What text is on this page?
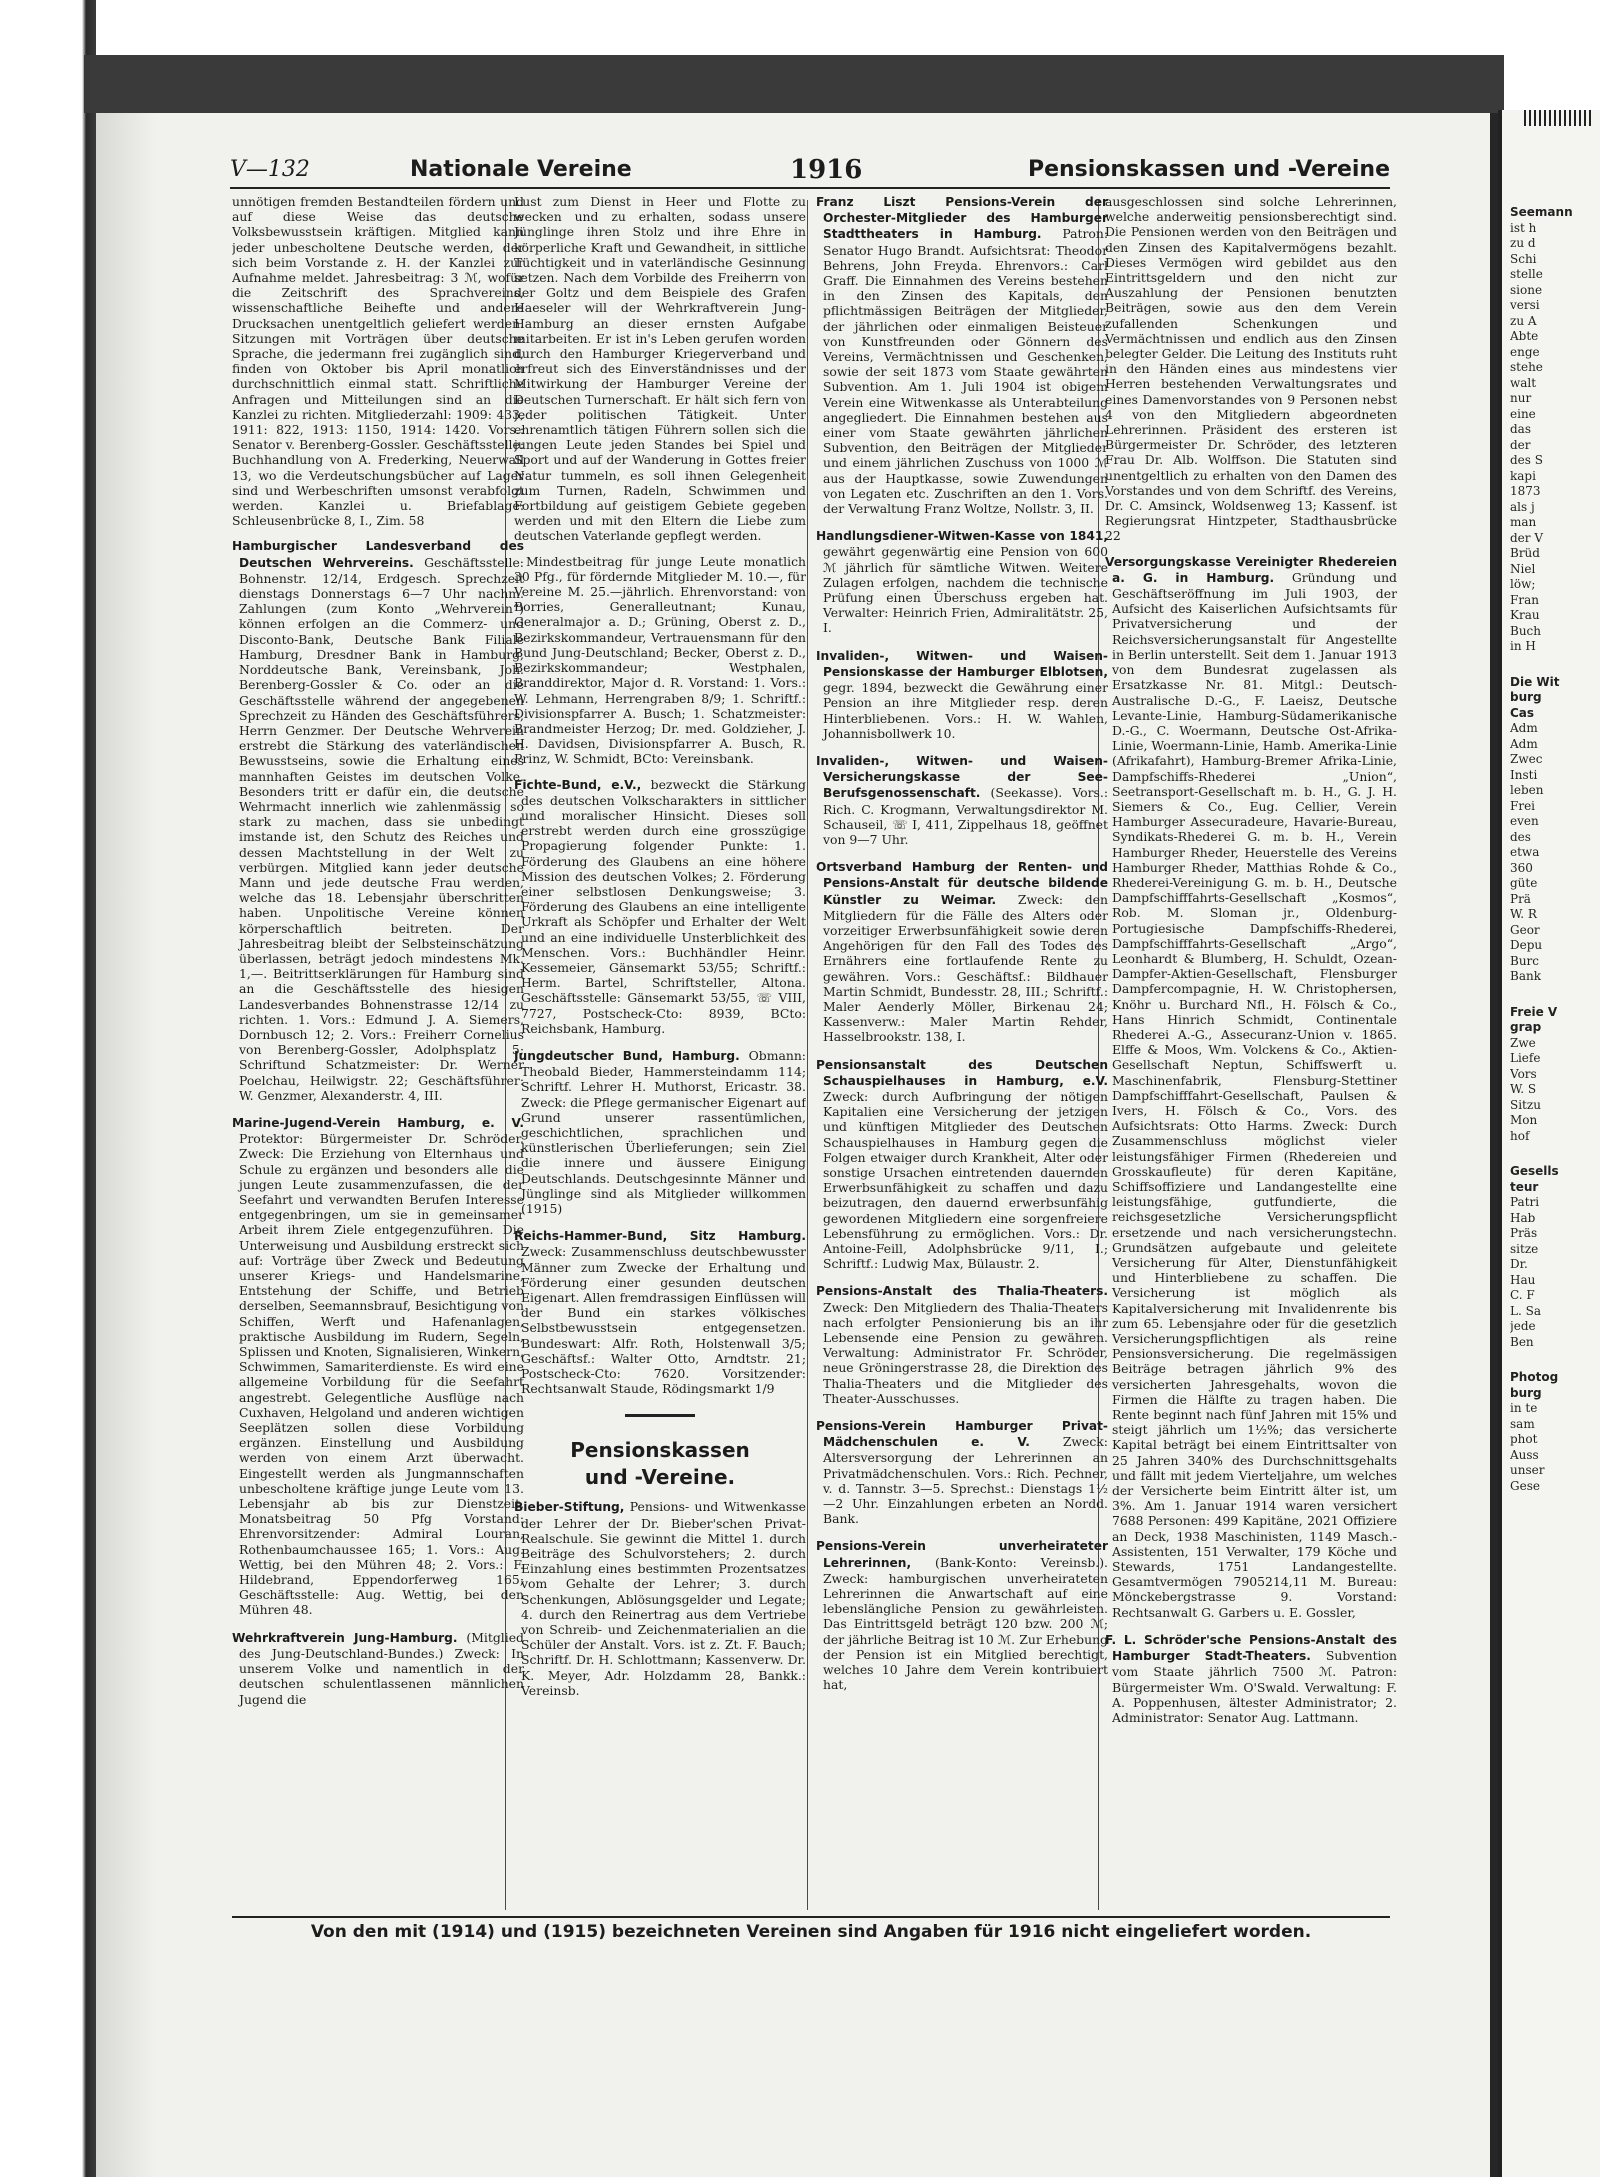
Seemann
ist h
zu d
Schi
stelle
sione
versi
zu A
Abte
enge
stehe
walt
nur
eine
das
der
des S
kapi
1873
als j
man
der V
Brüd
Niel
löw;
Fran
Krau
Buch
in H
Die Wit
burg
Cas
Adm
Adm
Zwec
Insti
leben
Frei
even
des
etwa
360
güte
Prä
W. R
Geor
Depu
Burc
Bank
Freie V
grap
Zwe
Liefe
Vors
W. S
Sitzu
Mon
hof
Gesells
teur
Patri
Hab
Präs
sitze
Dr.
Hau
C. F
L. Sa
jede
Ben
Photog
burg
in te
sam
phot
Auss
unser
Gese
V—132	Nationale Vereine	1916	Pensionskassen und -Vereine

unnötigen fremden Bestandteilen fördern und auf diese Weise das deutsche Volksbewusstsein kräftigen. Mitglied kann jeder unbescholtene Deutsche werden, der sich beim Vorstande z. H. der Kanzlei zur Aufnahme meldet. Jahresbeitrag: 3 ℳ, wofür die Zeitschrift des Sprachvereins, wissenschaftliche Beihefte und andere Drucksachen unentgeltlich geliefert werden. Sitzungen mit Vorträgen über deutsche Sprache, die jedermann frei zugänglich sind, finden von Oktober bis April monatlich durchschnittlich einmal statt. Schriftliche Anfragen und Mitteilungen sind an die Kanzlei zu richten. Mitgliederzahl: 1909: 433, 1911: 822, 1913: 1150, 1914: 1420. Vors.: Senator v. Berenberg-Gossler. Geschäftsstelle: Buchhandlung von A. Frederking, Neuerwall 13, wo die Verdeutschungsbücher auf Lager sind und Werbeschriften umsonst verabfolgt werden. Kanzlei u. Briefablage: Schleusenbrücke 8, I., Zim. 58

Hamburgischer Landesverband des Deutschen Wehrvereins. Geschäftsstelle: Bohnenstr. 12/14, Erdgesch. Sprechzeit dienstags Donnerstags 6—7 Uhr nachm. Zahlungen (zum Konto „Wehrverein“) können erfolgen an die Commerz- und Disconto-Bank, Deutsche Bank Filiale Hamburg, Dresdner Bank in Hamburg, Norddeutsche Bank, Vereinsbank, Joh. Berenberg-Gossler & Co. oder an die Geschäftsstelle während der angegebenen Sprechzeit zu Händen des Geschäftsführers, Herrn Genzmer. Der Deutsche Wehrverein erstrebt die Stärkung des vaterländischen Bewusstseins, sowie die Erhaltung eines mannhaften Geistes im deutschen Volke. Besonders tritt er dafür ein, die deutsche Wehrmacht innerlich wie zahlenmässig so stark zu machen, dass sie unbedingt imstande ist, den Schutz des Reiches und dessen Machtstellung in der Welt zu verbürgen. Mitglied kann jeder deutsche Mann und jede deutsche Frau werden, welche das 18. Lebensjahr überschritten haben. Unpolitische Vereine können körperschaftlich beitreten. Der Jahresbeitrag bleibt der Selbsteinschätzung überlassen, beträgt jedoch mindestens Mk. 1,—. Beitrittserklärungen für Hamburg sind an die Geschäftsstelle des hiesigen Landesverbandes Bohnenstrasse 12/14 zu richten. 1. Vors.: Edmund J. A. Siemers, Dornbusch 12; 2. Vors.: Freiherr Cornelius von Berenberg-Gossler, Adolphsplatz 5; Schriftund Schatzmeister: Dr. Werner Poelchau, Heilwigstr. 22; Geschäftsführer: W. Genzmer, Alexanderstr. 4, III.
Marine-Jugend-Verein Hamburg, e. V. Protektor: Bürgermeister Dr. Schröder. Zweck: Die Erziehung von Elternhaus und Schule zu ergänzen und besonders alle die jungen Leute zusammenzufassen, die der Seefahrt und verwandten Berufen Interesse entgegenbringen, um sie in gemeinsamer Arbeit ihrem Ziele entgegenzuführen. Die Unterweisung und Ausbildung erstreckt sich auf: Vorträge über Zweck und Bedeutung unserer Kriegs- und Handelsmarine, Entstehung der Schiffe, und Betrieb derselben, Seemannsbrauf, Besichtigung von Schiffen, Werft und Hafenanlagen, praktische Ausbildung im Rudern, Segeln, Splissen und Knoten, Signalisieren, Winkern, Schwimmen, Samariterdienste. Es wird eine allgemeine Vorbildung für die Seefahrt angestrebt. Gelegentliche Ausflüge nach Cuxhaven, Helgoland und anderen wichtigen Seeplätzen sollen diese Vorbildung ergänzen. Einstellung und Ausbildung werden von einem Arzt überwacht. Eingestellt werden als Jungmannschaften unbescholtene kräftige junge Leute vom 13. Lebensjahr ab bis zur Dienstzeit. Monatsbeitrag 50 Pfg Vorstand: Ehrenvorsitzender: Admiral Louran, Rothenbaumchaussee 165; 1. Vors.: Aug. Wettig, bei den Mühren 48; 2. Vors.: F. Hildebrand, Eppendorferweg 165; Geschäftsstelle: Aug. Wettig, bei den Mühren 48.
Wehrkraftverein Jung-Hamburg. (Mitglied des Jung-Deutschland-Bundes.) Zweck: In unserem Volke und namentlich in der deutschen schulentlassenen männlichen Jugend die

Lust zum Dienst in Heer und Flotte zu wecken und zu erhalten, sodass unsere Jünglinge ihren Stolz und ihre Ehre in körperliche Kraft und Gewandheit, in sittliche Tüchtigkeit und in vaterländische Gesinnung setzen. Nach dem Vorbilde des Freiherrn von der Goltz und dem Beispiele des Grafen Haeseler will der Wehrkraftverein Jung-Hamburg an dieser ernsten Aufgabe mitarbeiten. Er ist in's Leben gerufen worden durch den Hamburger Kriegerverband und erfreut sich des Einverständnisses und der Mitwirkung der Hamburger Vereine der Deutschen Turnerschaft. Er hält sich fern von jeder politischen Tätigkeit. Unter ehrenamtlich tätigen Führern sollen sich die jungen Leute jeden Standes bei Spiel und Sport und auf der Wanderung in Gottes freier Natur tummeln, es soll ihnen Gelegenheit zum Turnen, Radeln, Schwimmen und Fortbildung auf geistigem Gebiete gegeben werden und mit den Eltern die Liebe zum deutschen Vaterlande gepflegt werden.

Mindestbeitrag für junge Leute monatlich 30 Pfg., für fördernde Mitglieder M. 10.—, für Vereine M. 25.—jährlich. Ehrenvorstand: von Borries, Generalleutnant; Kunau, Generalmajor a. D.; Grüning, Oberst z. D., Bezirkskommandeur, Vertrauensmann für den Bund Jung-Deutschland; Becker, Oberst z. D., Bezirkskommandeur; Westphalen, Branddirektor, Major d. R. Vorstand: 1. Vors.: W. Lehmann, Herrengraben 8/9; 1. Schriftf.: Divisionspfarrer A. Busch; 1. Schatzmeister: Brandmeister Herzog; Dr. med. Goldzieher, J. H. Davidsen, Divisionspfarrer A. Busch, R. Prinz, W. Schmidt, BCto: Vereinsbank.

Fichte-Bund, e.V., bezweckt die Stärkung des deutschen Volkscharakters in sittlicher und moralischer Hinsicht. Dieses soll erstrebt werden durch eine grosszügige Propagierung folgender Punkte: 1. Förderung des Glaubens an eine höhere Mission des deutschen Volkes; 2. Förderung einer selbstlosen Denkungsweise; 3. Förderung des Glaubens an eine intelligente Urkraft als Schöpfer und Erhalter der Welt und an eine individuelle Unsterblichkeit des Menschen. Vors.: Buchhändler Heinr. Kessemeier, Gänsemarkt 53/55; Schriftf.: Herm. Bartel, Schriftsteller, Altona. Geschäftsstelle: Gänsemarkt 53/55, ☏ VIII, 7727, Postscheck-Cto: 8939, BCto: Reichsbank, Hamburg.
Jungdeutscher Bund, Hamburg. Obmann: Theobald Bieder, Hammersteindamm 114; Schriftf. Lehrer H. Muthorst, Ericastr. 38. Zweck: die Pflege germanischer Eigenart auf Grund unserer rassentümlichen, geschichtlichen, sprachlichen und künstlerischen Überlieferungen; sein Ziel die innere und äussere Einigung Deutschlands. Deutschgesinnte Männer und Jünglinge sind als Mitglieder willkommen (1915)
Reichs-Hammer-Bund, Sitz Hamburg. Zweck: Zusammenschluss deutschbewusster Männer zum Zwecke der Erhaltung und Förderung einer gesunden deutschen Eigenart. Allen fremdrassigen Einflüssen will der Bund ein starkes völkisches Selbstbewusstsein entgegensetzen. Bundeswart: Alfr. Roth, Holstenwall 3/5; Geschäftsf.: Walter Otto, Arndtstr. 21; Postscheck-Cto: 7620. Vorsitzender: Rechtsanwalt Staude, Rödingsmarkt 1/9
Pensionskassen
und -Vereine.
Bieber-Stiftung, Pensions- und Witwenkasse der Lehrer der Dr. Bieber'schen Privat-Realschule. Sie gewinnt die Mittel 1. durch Beiträge des Schulvorstehers; 2. durch Einzahlung eines bestimmten Prozentsatzes vom Gehalte der Lehrer; 3. durch Schenkungen, Ablösungsgelder und Legate; 4. durch den Reinertrag aus dem Vertriebe von Schreib- und Zeichenmaterialien an die Schüler der Anstalt. Vors. ist z. Zt. F. Bauch; Schriftf. Dr. H. Schlottmann; Kassenverw. Dr. K. Meyer, Adr. Holzdamm 28, Bankk.: Vereinsb.
Franz Liszt Pensions-Verein der Orchester-Mitglieder des Hamburger Stadttheaters in Hamburg. Patron: Senator Hugo Brandt. Aufsichtsrat: Theodor Behrens, John Freyda. Ehrenvors.: Carl Graff. Die Einnahmen des Vereins bestehen in den Zinsen des Kapitals, den pflichtmässigen Beiträgen der Mitglieder, der jährlichen oder einmaligen Beisteuer von Kunstfreunden oder Gönnern des Vereins, Vermächtnissen und Geschenken, sowie der seit 1873 vom Staate gewährten Subvention. Am 1. Juli 1904 ist obigem Verein eine Witwenkasse als Unterabteilung angegliedert. Die Einnahmen bestehen aus einer vom Staate gewährten jährlichen Subvention, den Beiträgen der Mitglieder und einem jährlichen Zuschuss von 1000 ℳ aus der Hauptkasse, sowie Zuwendungen von Legaten etc. Zuschriften an den 1. Vors. der Verwaltung Franz Woltze, Nollstr. 3, II.
Handlungsdiener-Witwen-Kasse von 1841, gewährt gegenwärtig eine Pension von 600 ℳ jährlich für sämtliche Witwen. Weitere Zulagen erfolgen, nachdem die technische Prüfung einen Überschuss ergeben hat. Verwalter: Heinrich Frien, Admiralitätstr. 25, I.
Invaliden-, Witwen- und Waisen-Pensionskasse der Hamburger Elblotsen, gegr. 1894, bezweckt die Gewährung einer Pension an ihre Mitglieder resp. deren Hinterbliebenen. Vors.: H. W. Wahlen, Johannisbollwerk 10.
Invaliden-, Witwen- und Waisen-Versicherungskasse der See-Berufsgenossenschaft. (Seekasse). Vors.: Rich. C. Krogmann, Verwaltungsdirektor M. Schauseil, ☏ I, 411, Zippelhaus 18, geöffnet von 9—7 Uhr.
Ortsverband Hamburg der Renten- und Pensions-Anstalt für deutsche bildende Künstler zu Weimar. Zweck: den Mitgliedern für die Fälle des Alters oder vorzeitiger Erwerbsunfähigkeit sowie deren Angehörigen für den Fall des Todes des Ernährers eine fortlaufende Rente zu gewähren. Vors.: Geschäftsf.: Bildhauer Martin Schmidt, Bundesstr. 28, III.; Schriftf.: Maler Aenderly Möller, Birkenau 24; Kassenverw.: Maler Martin Rehder, Hasselbrookstr. 138, I.
Pensionsanstalt des Deutschen Schauspielhauses in Hamburg, e.V. Zweck: durch Aufbringung der nötigen Kapitalien eine Versicherung der jetzigen und künftigen Mitglieder des Deutschen Schauspielhauses in Hamburg gegen die Folgen etwaiger durch Krankheit, Alter oder sonstige Ursachen eintretenden dauernden Erwerbsunfähigkeit zu schaffen und dazu beizutragen, den dauernd erwerbsunfähig gewordenen Mitgliedern eine sorgenfreiere Lebensführung zu ermöglichen. Vors.: Dr. Antoine-Feill, Adolphsbrücke 9/11, I.; Schriftf.: Ludwig Max, Bülaustr. 2.
Pensions-Anstalt des Thalia-Theaters. Zweck: Den Mitgliedern des Thalia-Theaters nach erfolgter Pensionierung bis an ihr Lebensende eine Pension zu gewähren. Verwaltung: Administrator Fr. Schröder, neue Gröningerstrasse 28, die Direktion des Thalia-Theaters und die Mitglieder des Theater-Ausschusses.
Pensions-Verein Hamburger Privat-Mädchenschulen e. V.	Zweck: Altersversorgung der Lehrerinnen an Privatmädchenschulen. Vors.: Rich. Pechner, v. d. Tannstr. 3—5. Sprechst.: Dienstags 1½—2 Uhr. Einzahlungen erbeten an Nordd. Bank.
Pensions-Verein unverheirateter Lehrerinnen, (Bank-Konto: Vereinsb.). Zweck: hamburgischen unverheirateten Lehrerinnen die Anwartschaft auf eine lebenslängliche Pension zu gewährleisten. Das Eintrittsgeld beträgt 120 bzw. 200 ℳ; der jährliche Beitrag ist 10 ℳ. Zur Erhebung der Pension ist ein Mitglied berechtigt, welches 10 Jahre dem Verein kontribuiert hat,

ausgeschlossen sind solche Lehrerinnen, welche anderweitig pensionsberechtigt sind. Die Pensionen werden von den Beiträgen und den Zinsen des Kapitalvermögens bezahlt. Dieses Vermögen wird gebildet aus den Eintrittsgeldern und den nicht zur Auszahlung der Pensionen benutzten Beiträgen, sowie aus den dem Verein zufallenden Schenkungen und Vermächtnissen und endlich aus den Zinsen belegter Gelder. Die Leitung des Instituts ruht in den Händen eines aus mindestens vier Herren bestehenden Verwaltungsrates und eines Damenvorstandes von 9 Personen nebst 4 von den Mitgliedern abgeordneten Lehrerinnen. Präsident des ersteren ist Bürgermeister Dr. Schröder, des letzteren Frau Dr. Alb. Wolffson. Die Statuten sind unentgeltlich zu erhalten von den Damen des Vorstandes und von dem Schriftf. des Vereins, Dr. C. Amsinck, Woldsenweg 13; Kassenf. ist Regierungsrat Hintzpeter, Stadthausbrücke 22

Versorgungskasse Vereinigter Rhedereien a. G. in Hamburg. Gründung und Geschäftseröffnung im Juli 1903, der Aufsicht des Kaiserlichen Aufsichtsamts für Privatversicherung und der Reichsversicherungsanstalt für Angestellte in Berlin unterstellt. Seit dem 1. Januar 1913 von dem Bundesrat zugelassen als Ersatzkasse Nr. 81. Mitgl.: Deutsch-Australische D.-G., F. Laeisz, Deutsche Levante-Linie, Hamburg-Südamerikanische D.-G., C. Woermann, Deutsche Ost-Afrika-Linie, Woermann-Linie, Hamb. Amerika-Linie (Afrikafahrt), Hamburg-Bremer Afrika-Linie, Dampfschiffs-Rhederei „Union“, Seetransport-Gesellschaft m. b. H., G. J. H. Siemers & Co., Eug. Cellier, Verein Hamburger Assecuradeure, Havarie-Bureau, Syndikats-Rhederei G. m. b. H., Verein Hamburger Rheder, Heuerstelle des Vereins Hamburger Rheder, Matthias Rohde & Co., Rhederei-Vereinigung G. m. b. H., Deutsche Dampfschifffahrts-Gesellschaft „Kosmos“, Rob. M. Sloman jr., Oldenburg-Portugiesische Dampfschiffs-Rhederei, Dampfschifffahrts-Gesellschaft „Argo“, Leonhardt & Blumberg, H. Schuldt, Ozean-Dampfer-Aktien-Gesellschaft, Flensburger Dampfercompagnie, H. W. Christophersen, Knöhr u. Burchard Nfl., H. Fölsch & Co., Hans Hinrich Schmidt, Continentale Rhederei A.-G., Assecuranz-Union v. 1865. Elffe & Moos, Wm. Volckens & Co., Aktien-Gesellschaft Neptun, Schiffswerft u. Maschinenfabrik, Flensburg-Stettiner Dampfschifffahrt-Gesellschaft, Paulsen & Ivers, H. Fölsch & Co., Vors. des Aufsichtsrats: Otto Harms. Zweck: Durch Zusammenschluss möglichst vieler leistungsfähiger Firmen (Rhedereien und Grosskaufleute) für deren Kapitäne, Schiffsoffiziere und Landangestellte eine leistungsfähige, gutfundierte, die reichsgesetzliche Versicherungspflicht ersetzende und nach versicherungstechn. Grundsätzen aufgebaute und geleitete Versicherung für Alter, Dienstunfähigkeit und Hinterbliebene zu schaffen. Die Versicherung ist möglich als Kapitalversicherung mit Invalidenrente bis zum 65. Lebensjahre oder für die gesetzlich Versicherungspflichtigen als reine Pensionsversicherung. Die regelmässigen Beiträge betragen jährlich 9% des versicherten Jahresgehalts, wovon die Firmen die Hälfte zu tragen haben. Die Rente beginnt nach fünf Jahren mit 15% und steigt jährlich um 1½%; das versicherte Kapital beträgt bei einem Eintrittsalter von 25 Jahren 340% des Durchschnittsgehalts und fällt mit jedem Vierteljahre, um welches der Versicherte beim Eintritt älter ist, um 3%. Am 1. Januar 1914 waren versichert 7688 Personen: 499 Kapitäne, 2021 Offiziere an Deck, 1938 Maschinisten, 1149 Masch.-Assistenten, 151 Verwalter, 179 Köche und Stewards, 1751 Landangestellte. Gesamtvermögen 7905214,11 M. Bureau: Mönckebergstrasse 9. Vorstand: Rechtsanwalt G. Garbers u. E. Gossler,
F. L. Schröder'sche Pensions-Anstalt des Hamburger Stadt-Theaters. Subvention vom Staate jährlich 7500 ℳ. Patron: Bürgermeister Wm. O'Swald. Verwaltung: F. A. Poppenhusen, ältester Administrator; 2. Administrator: Senator Aug. Lattmann.
Von den mit (1914) und (1915) bezeichneten Vereinen sind Angaben für 1916 nicht eingeliefert worden.
